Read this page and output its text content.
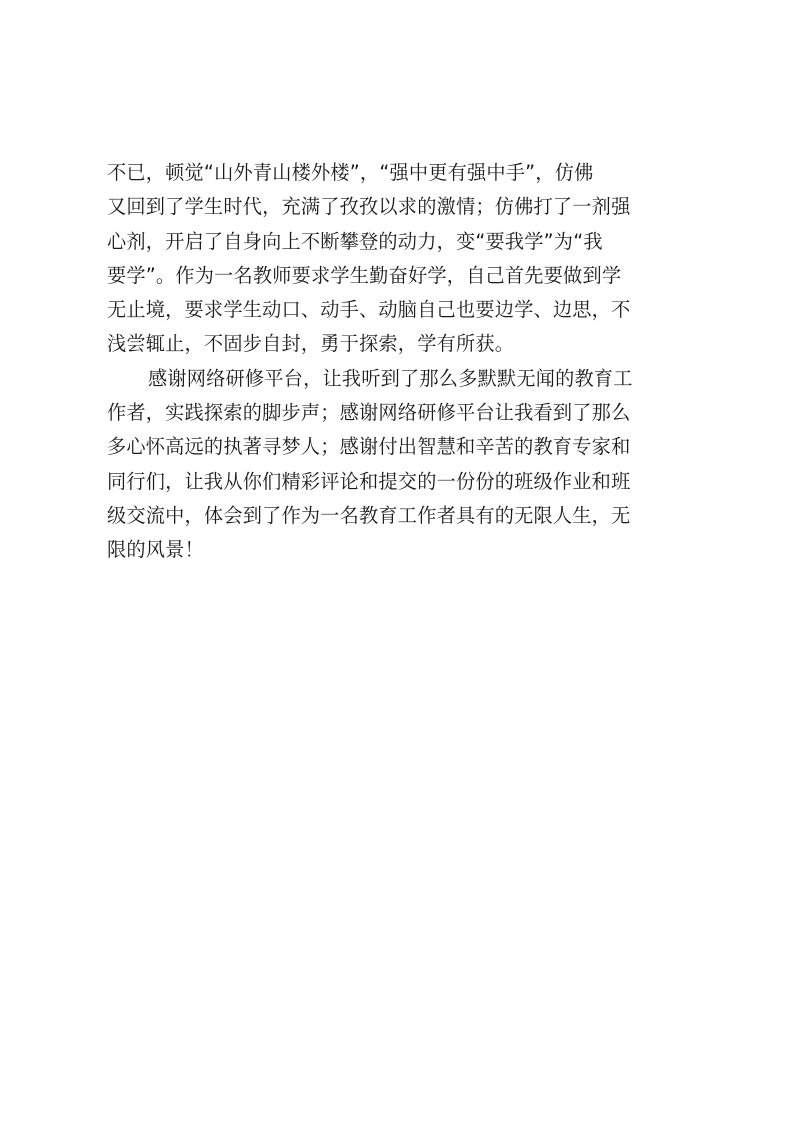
不已，顿觉“山外青山楼外楼”，“强中更有强中手”，仿佛
又回到了学生时代，充满了孜孜以求的激情；仿佛打了一剂强
心剂，开启了自身向上不断攀登的动力，变“要我学”为“我
要学”。作为一名教师要求学生勤奋好学，自己首先要做到学
无止境，要求学生动口、动手、动脑自己也要边学、边思，不
浅尝辄止，不固步自封，勇于探索，学有所获。
感谢网络研修平台，让我听到了那么多默默无闻的教育工
作者，实践探索的脚步声；感谢网络研修平台让我看到了那么
多心怀高远的执著寻梦人；感谢付出智慧和辛苦的教育专家和
同行们，让我从你们精彩评论和提交的一份份的班级作业和班
级交流中，体会到了作为一名教育工作者具有的无限人生，无
限的风景！
